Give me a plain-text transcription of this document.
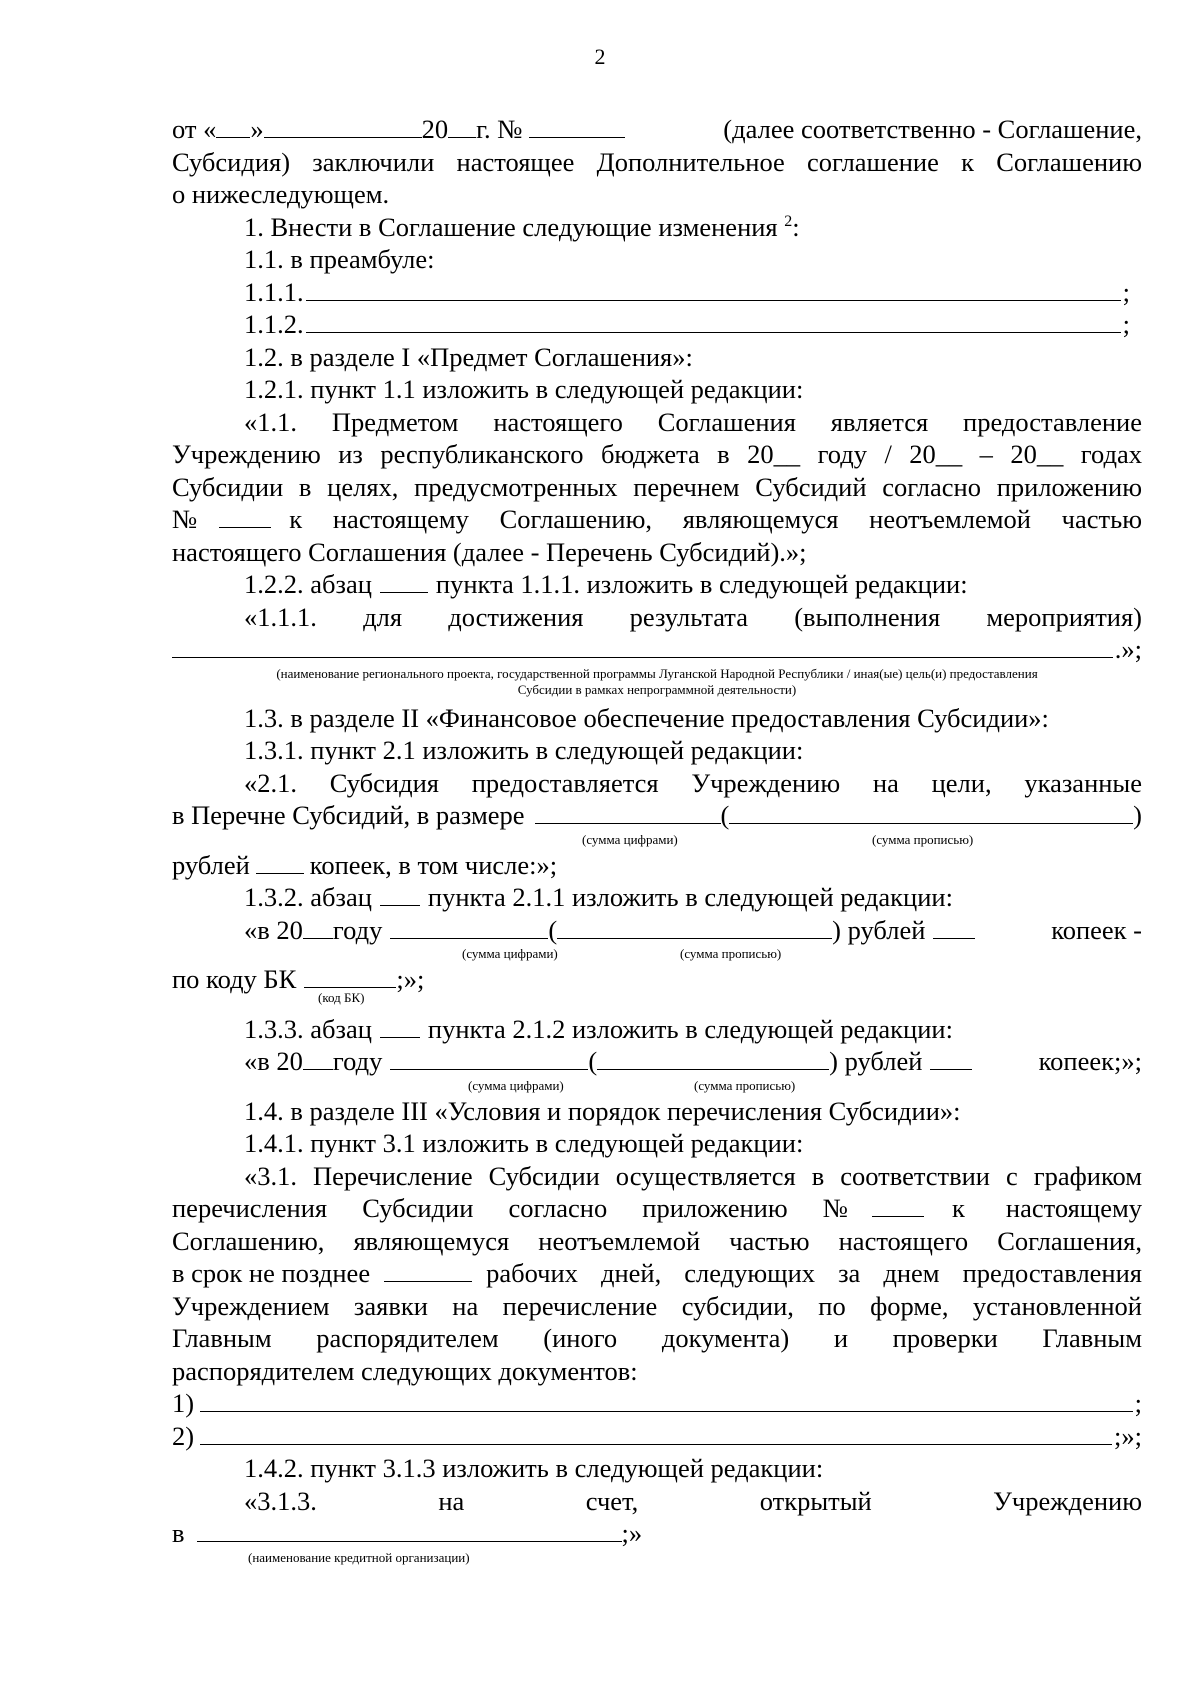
2
от « »	20 г. №	(далее соответственно - Соглашение,
Субсидия) заключили настоящее Дополнительное соглашение к Соглашению
о нижеследующем.
1. Внести в Соглашение следующие изменения $^2$:
1.1. в преамбуле:
1.1.1.	;
1.1.2.	;
1.2. в разделе I «Предмет Соглашения»:
1.2.1. пункт 1.1 изложить в следующей редакции:
«1.1. Предметом настоящего Соглашения является предоставление
Учреждению из республиканского бюджета в 20__ году / 20__ – 20__ годах
Субсидии в целях, предусмотренных перечнем Субсидий согласно приложению
№	к настоящему Соглашению, являющемуся неотъемлемой частью
настоящего Соглашения (далее - Перечень Субсидий).»;
1.2.2. абзац пункта 1.1.1. изложить в следующей редакции:
«1.1.1. для достижения результата (выполнения мероприятия)
.»;
(наименование регионального проекта, государственной программы Луганской Народной Республики / иная(ые) цель(и) предоставления
Субсидии в рамках непрограммной деятельности)
1.3. в разделе II «Финансовое обеспечение предоставления Субсидии»:
1.3.1. пункт 2.1 изложить в следующей редакции:
«2.1. Субсидия предоставляется Учреждению на цели, указанные
в Перечне Субсидий, в размере	(	)
(сумма цифрами)	(сумма прописью)
рублей копеек, в том числе:»;
1.3.2. абзац пункта 2.1.1 изложить в следующей редакции:
«в 20 году	(	) рублей	копеек -
(сумма цифрами)	(сумма прописью)
по коду БК	;»;
(код БК)
1.3.3. абзац пункта 2.1.2 изложить в следующей редакции:
«в 20 году	(	) рублей	копеек;»;
(сумма цифрами)	(сумма прописью)
1.4. в разделе III «Условия и порядок перечисления Субсидии»:
1.4.1. пункт 3.1 изложить в следующей редакции:
«3.1. Перечисление Субсидии осуществляется в соответствии с графиком
перечисления Субсидии согласно приложению №	к настоящему
Соглашению, являющемуся неотъемлемой частью настоящего Соглашения,
в срок не позднее	рабочих дней, следующих за днем предоставления
Учреждением заявки на перечисление субсидии, по форме, установленной
Главным распорядителем (иного документа) и проверки Главным
распорядителем следующих документов:
1)	;
2)	;»;
1.4.2. пункт 3.1.3 изложить в следующей редакции:
«3.1.3. на счет, открытый Учреждению
в	;»
(наименование кредитной организации)
